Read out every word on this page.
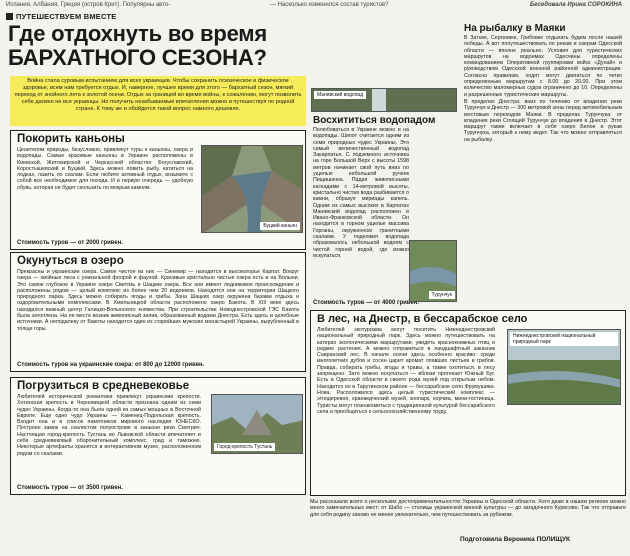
Испания, Албания, Греция (остров Крит). Популярны авто-	— Насколько изменился состав туристов?	Беседовала Ирина СОРОКИНА
ПУТЕШЕСТВУЕМ ВМЕСТЕ
Где отдохнуть во время БАРХАТНОГО СЕЗОНА?
Война стала суровым испытанием для всех украинцев. Чтобы сохранить психическое и физическое здоровье, всем нам требуется отдых. И, наверное, лучшее время для этого — бархатный сезон, мягкий переход от знойного лета к золотой осени. Отдых за границей во время войны, к сожалению, могут позволить себе далеко не все украинцы. Но получить незабываемые впечатления можно и путешествуя по родной стране. К тому же и обойдется такой вопрос намного дешевле.
Покорить каньоны
Буцкий каньон
Ценителям природы, безусловно, привлекут туры к каньоны, озера и водопады. Самые красивые каньоны в Украине расположены в Киевской, Житомирской и Черкасской областях: Богуславский, Коростышевский и Буцкий. Здесь можно ловить рыбу, кататься на лодках, лазить по скалам. Если любите активный отдых, возьмите с собой все необходимое для похода. И в первую очередь — удобную обувь, которая не будет скользить по мокрым камням.
Стоимость туров — от 2000 гривен.
Окунуться в озеро
Прекрасны и украинские озера. Самое чистое из них — Синевир — находится в высокогорье Карпат. Вокруг озера — хвойные леса с уникальной флорой и фауной. Красивые кристально чистые озера есть и на Волыни. Это самое глубокое в Украине озеро Свитязь и Шацкие озера. Все они имеют ледниковое происхождение и расположены рядом — целый комплекс из более чем 20 водоемов. Находятся они на территории Шацкого природного парка. Здесь можно собирать ягоды и грибы. Зона Шацких озер окружена базами отдыха и оздоровительными комплексами. В Хмельницкой области расположено озеро Бакота. В XIII веке здесь находился важный центр Галицко-Волынского княжества. При строительстве Новоднестровской ГЭС Бакота была затоплена. На ее месте возник живописный залив, образованный водами Днестра. Есть здесь и целебные источники. А неподалеку от Бакоты находится один из старейших мужских монастырей Украины, вырубленный в толще горы.
Стоимость туров на украинские озера: от 800 до 12000 гривен.
Погрузиться в средневековье
Город-крепость Тустань
Любителей исторической романтики привлекут украинские крепости. Хотинская крепость в Черновицкой области признана одним из семи чудес Украины. Когда-то она была одной из самых мощных в Восточной Европе. Еще одно чудо Украины — Каменец-Подольская крепость. Входит она и в список памятников мирового наследия ЮНЕСКО. Построен замок на скалистом полуострове в каньоне реки Смотрич. Настоящая город-крепость Тустань во Львовской области впечатляет в себя средневековый оборонительный комплекс, град и таможню. Некоторые артефакты хранятся в интерактивном музее, расположенном рядом со скалами.
Стоимость туров — от 3500 гривен.
Манявский водопад
Восхититься водопадом
Полюбоваться в Украине можно и на водопады. Шипот считается одним из семи природных чудес Украины. Это самый величественный водопад Закарпатья. С подземного источника на горе Большой Верх с высоты 1598 метров начинает свой путь вниз по ущелью небольшой ручеек Пищишенка. Падая живописными каскадами с 14-метровой высоты, кристально чистая вода разбивается о камни, образуя мириады капель. Одним из самых высоких в Карпатах Манявский водопад расположен в Ивано-Франковской области. Он находится в горном ущелье массива Горганы, окруженном гранитными скалами. У подножия водопада образовалось небольшой водоем с чистой горной водой, где можно искупаться.
Стоимость туров — от 4000 гривен.
Турунчук
На рыбалку в Маяки
В Затоке, Сергеевке, Грибовке отдыхать будем после нашей победы. А вот попутешествовать по рекам и озерам Одесской области — вполне реально. Условия для туристических маршрутов на водоемах Одесчины определены командованием Оперативной группировки войск «Дунай» и руководством Одесской военной районной администрации. Согласно правилам, ходят могут двигаться по четко определенным маршрутам с 8.00 до 20.00. При этом количество маломерных судов ограничено до 10. Определены и разрешенные туристические маршруты.
В пределах Днестра: вниз по течению от владения реки Турунчук в Днестр — 300 метровой зоны перед автомобильным мостовым переходом Маяки. В пределах Турунчука: от владения реки Сгоящий Турунчук до впадения в Днестр. Этот маршрут также включает в себя озеро Белое и рукав Турунчука, который к нему ведет. Так что можно отправляться на рыбалку.
В лес, на Днестр, в бессарабское село
Нижнеднестровский национальный природный парк
Любителей экотуризма могут посетить Нижнеднестровский национальный природный парк. Здесь можно путешествовать на катерах экологическими маршрутами, увидеть краснокнижных птиц и редкие растения. А можно отправиться в ландшафтный заказник Савранский лес. В начале осени здесь особенно красиво: среди многолетних дубов и сосен царит аромат опавших листьев и грибов. Правда, собирать грибы, ягоды и травы, а также охотиться, в лесу запрещено. Зато можно искупаться — вблизи протекает Южный Буг. Есть в Одесской области и своего рода музей под открытым небом. Находится он в Тарутинском районе — бессарабское село Фрумушика-Нова. Расположился здесь целый туристический комплекс — этнодеревня, краеведческий музей, зоопарк, корчма, мини-гостиница. Туристы могут познакомиться с традиционной культурой бессарабского села и приобщиться к сельскохозяйственному труду.
Мы рассказали всего о нескольких достопримечательностях Украины и Одесской области. Хотя даже в нашем регионе можно много замечательных мест: от Шабо — столицы украинской винной культуры — до загадочного Курисово. Так что отправьте для себя родину заново не менее увлекательно, чем путешествовать за рубежом.
Подготовила Вероника ПОЛИЩУК
